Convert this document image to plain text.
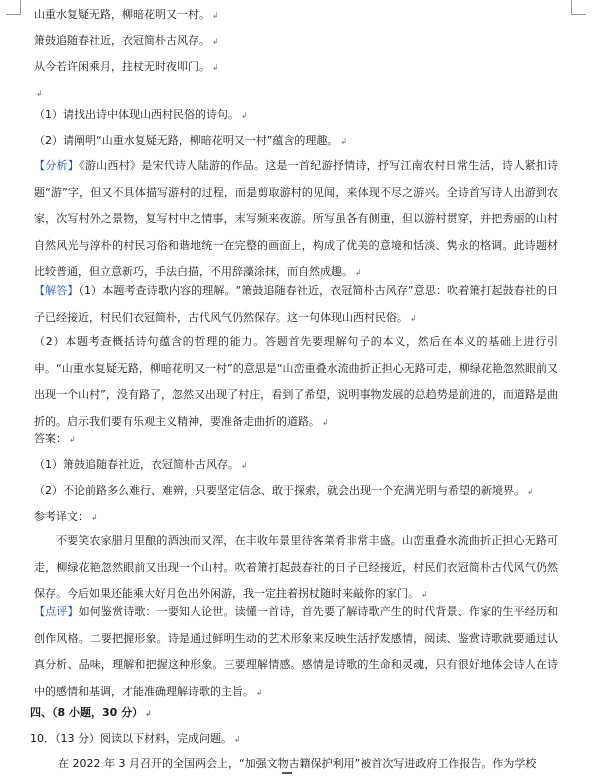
山重水复疑无路，柳暗花明又一村。 ↲
箫鼓追随春社近，衣冠简朴古风存。 ↲
从今若许闲乘月，拄杖无时夜叩门。 ↲
↲
（1）请找出诗中体现山西村民俗的诗句。 ↲
（2）请阐明“山重水复疑无路，柳暗花明又一村”蕴含的理趣。 ↲
【分析】《游山西村》是宋代诗人陆游的作品。这是一首纪游抒情诗，抒写江南农村日常生活，诗人紧扣诗题“游”字，但又不具体描写游村的过程，而是剪取游村的见闻，来体现不尽之游兴。全诗首写诗人出游到农家，次写村外之景物，复写村中之情事，末写频来夜游。所写虽各有侧重，但以游村贯穿，并把秀丽的山村自然风光与淳朴的村民习俗和谐地统一在完整的画面上，构成了优美的意境和恬淡、隽永的格调。此诗题材比较普通，但立意新巧，手法白描，不用辞藻涂抹，而自然成趣。 ↲
【解答】（1）本题考查诗歌内容的理解。“箫鼓追随春社近，衣冠简朴古风存”意思：吹着箫打起鼓春社的日子已经接近，村民们衣冠简朴，古代风气仍然保存。这一句体现山西村民俗。 ↲
（2）本题考查概括诗句蕴含的哲理的能力。答题首先要理解句子的本义，然后在本义的基础上进行引申。“山重水复疑无路，柳暗花明又一村”的意思是“山峦重叠水流曲折正担心无路可走，柳绿花艳忽然眼前又出现一个山村”，没有路了，忽然又出现了村庄，看到了希望，说明事物发展的总趋势是前进的，而道路是曲折的。启示我们要有乐观主义精神，要准备走曲折的道路。 ↲
答案： ↲
（1）箫鼓追随春社近，衣冠简朴古风存。 ↲
（2）不论前路多么难行、难辨，只要坚定信念、敢于探索，就会出现一个充满光明与希望的新境界。 ↲
参考译文： ↲
不要笑农家腊月里酿的酒浊而又浑，在丰收年景里待客菜肴非常丰盛。山峦重叠水流曲折正担心无路可走，柳绿花艳忽然眼前又出现一个山村。吹着箫打起鼓春社的日子已经接近，村民们衣冠简朴古代风气仍然保存。今后如果还能乘大好月色出外闲游，我一定拄着拐杖随时来敲你的家门。 ↲
【点评】如何鉴赏诗歌：一要知人论世。读懂一首诗，首先要了解诗歌产生的时代背景、作家的生平经历和创作风格。二要把握形象。诗是通过鲜明生动的艺术形象来反映生活抒发感情，阅读、鉴赏诗歌就要通过认真分析、品味，理解和把握这种形象。三要理解情感。感情是诗歌的生命和灵魂，只有很好地体会诗人在诗中的感情和基调，才能准确理解诗歌的主旨。 ↲
四、（8 小题，30 分） ↲
10．（13 分）阅读以下材料，完成问题。 ↲
在 2022 年 3 月召开的全国两会上，“加强文物古籍保护利用”被首次写进政府工作报告。作为学校
